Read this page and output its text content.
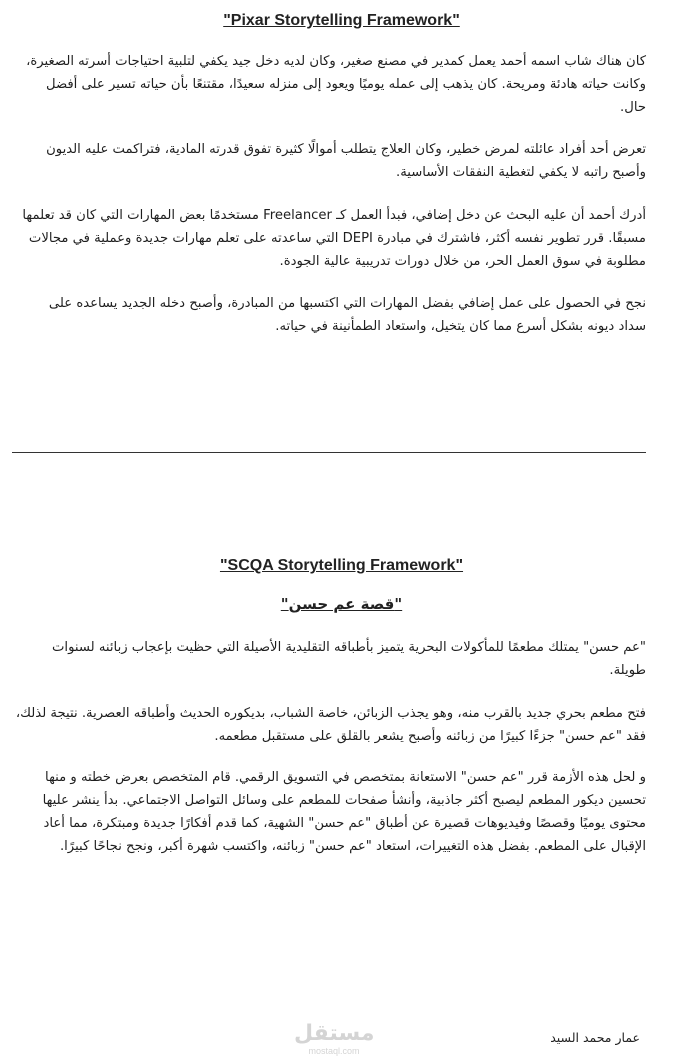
"Pixar Storytelling Framework"

كان هناك شاب اسمه أحمد يعمل كمدير في مصنع صغير، وكان لديه دخل جيد يكفي لتلبية احتياجات أسرته الصغيرة، وكانت حياته هادئة ومريحة. كان يذهب إلى عمله يوميًا ويعود إلى منزله سعيدًا، مقتنعًا بأن حياته تسير على أفضل حال.

تعرض أحد أفراد عائلته لمرض خطير، وكان العلاج يتطلب أموالًا كثيرة تفوق قدرته المادية، فتراكمت عليه الديون وأصبح راتبه لا يكفي لتغطية النفقات الأساسية.

أدرك أحمد أن عليه البحث عن دخل إضافي، فبدأ العمل كـ Freelancer مستخدمًا بعض المهارات التي كان قد تعلمها مسبقًا. قرر تطوير نفسه أكثر، فاشترك في مبادرة DEPI التي ساعدته على تعلم مهارات جديدة وعملية في مجالات مطلوبة في سوق العمل الحر، من خلال دورات تدريبية عالية الجودة.

نجح في الحصول على عمل إضافي بفضل المهارات التي اكتسبها من المبادرة، وأصبح دخله الجديد يساعده على سداد ديونه بشكل أسرع مما كان يتخيل، واستعاد الطمأنينة في حياته.

"SCQA Storytelling Framework"
"قصة عم حسن"

"عم حسن" يمتلك مطعمًا للمأكولات البحرية يتميز بأطباقه التقليدية الأصيلة التي حظيت بإعجاب زبائنه لسنوات طويلة.

فتح مطعم بحري جديد بالقرب منه، وهو يجذب الزبائن، خاصة الشباب، بديكوره الحديث وأطباقه العصرية. نتيجة لذلك، فقد "عم حسن" جزءًا كبيرًا من زبائنه وأصبح يشعر بالقلق على مستقبل مطعمه.

و لحل هذه الأزمة قرر "عم حسن" الاستعانة بمتخصص في التسويق الرقمي. قام المتخصص بعرض خطته و منها تحسين ديكور المطعم ليصبح أكثر جاذبية، وأنشأ صفحات للمطعم على وسائل التواصل الاجتماعي. بدأ ينشر عليها محتوى يوميًا وقصصًا وفيديوهات قصيرة عن أطباق "عم حسن" الشهية، كما قدم أفكارًا جديدة ومبتكرة، مما أعاد الإقبال على المطعم. بفضل هذه التغييرات، استعاد "عم حسن" زبائنه، واكتسب شهرة أكبر، ونجح نجاحًا كبيرًا.

مستقل
mostaql.com
عمار محمد السيد
